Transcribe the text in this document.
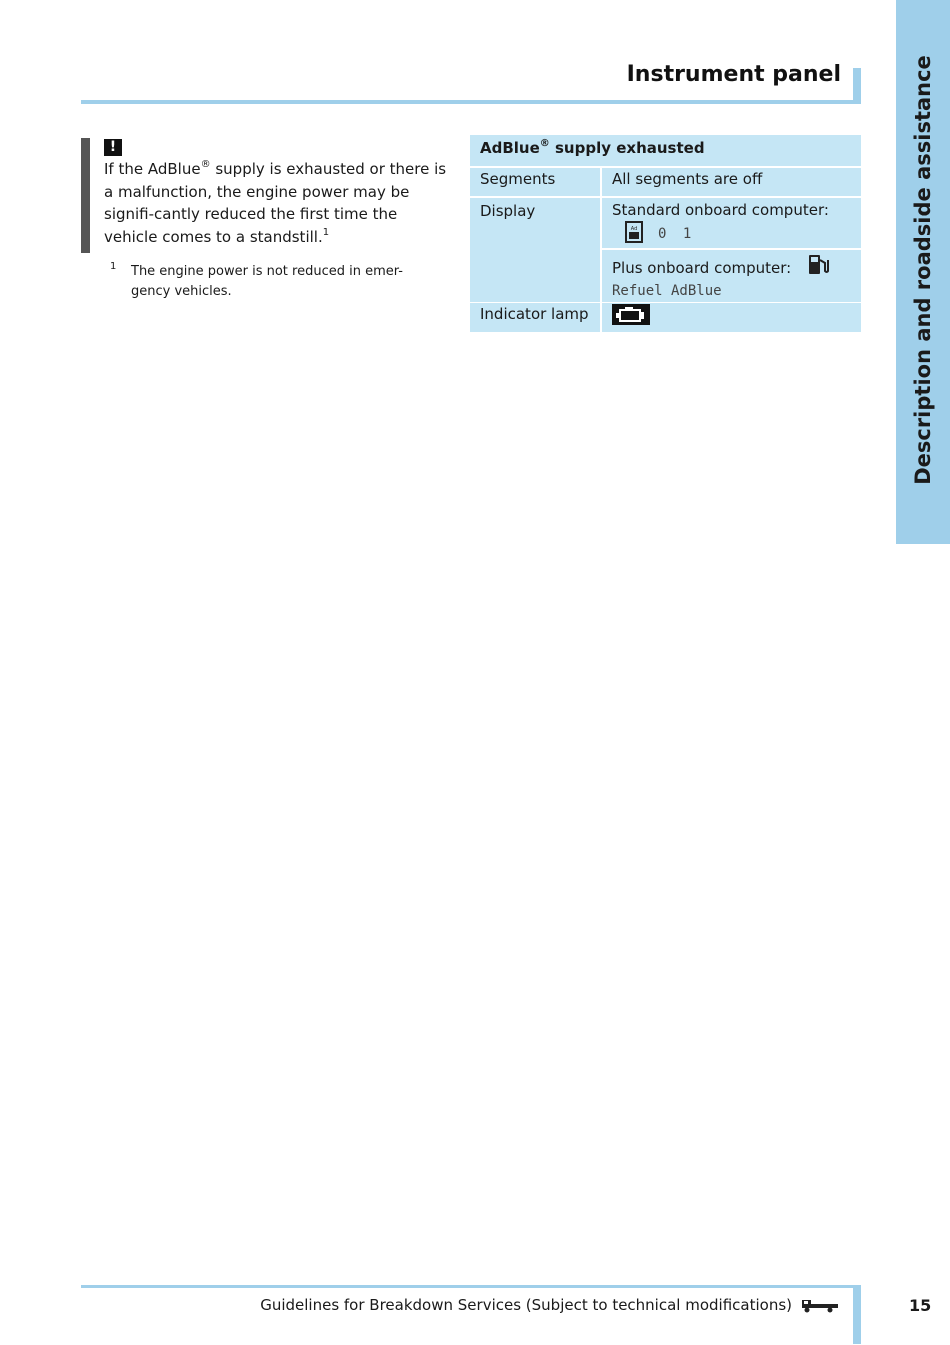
Description and roadside assistance
Instrument panel
!
If the AdBlue® supply is exhausted or there is a malfunction, the engine power may be signifi-cantly reduced the first time the vehicle comes to a standstill.$^1$
1 The engine power is not reduced in emer-gency vehicles.
AdBlue® supply exhausted
Segments	All segments are off
Display	Standard onboard computer:
Ad 0 1
Plus onboard computer:
Refuel AdBlue
Indicator lamp
Guidelines for Breakdown Services (Subject to technical modifications)	15
